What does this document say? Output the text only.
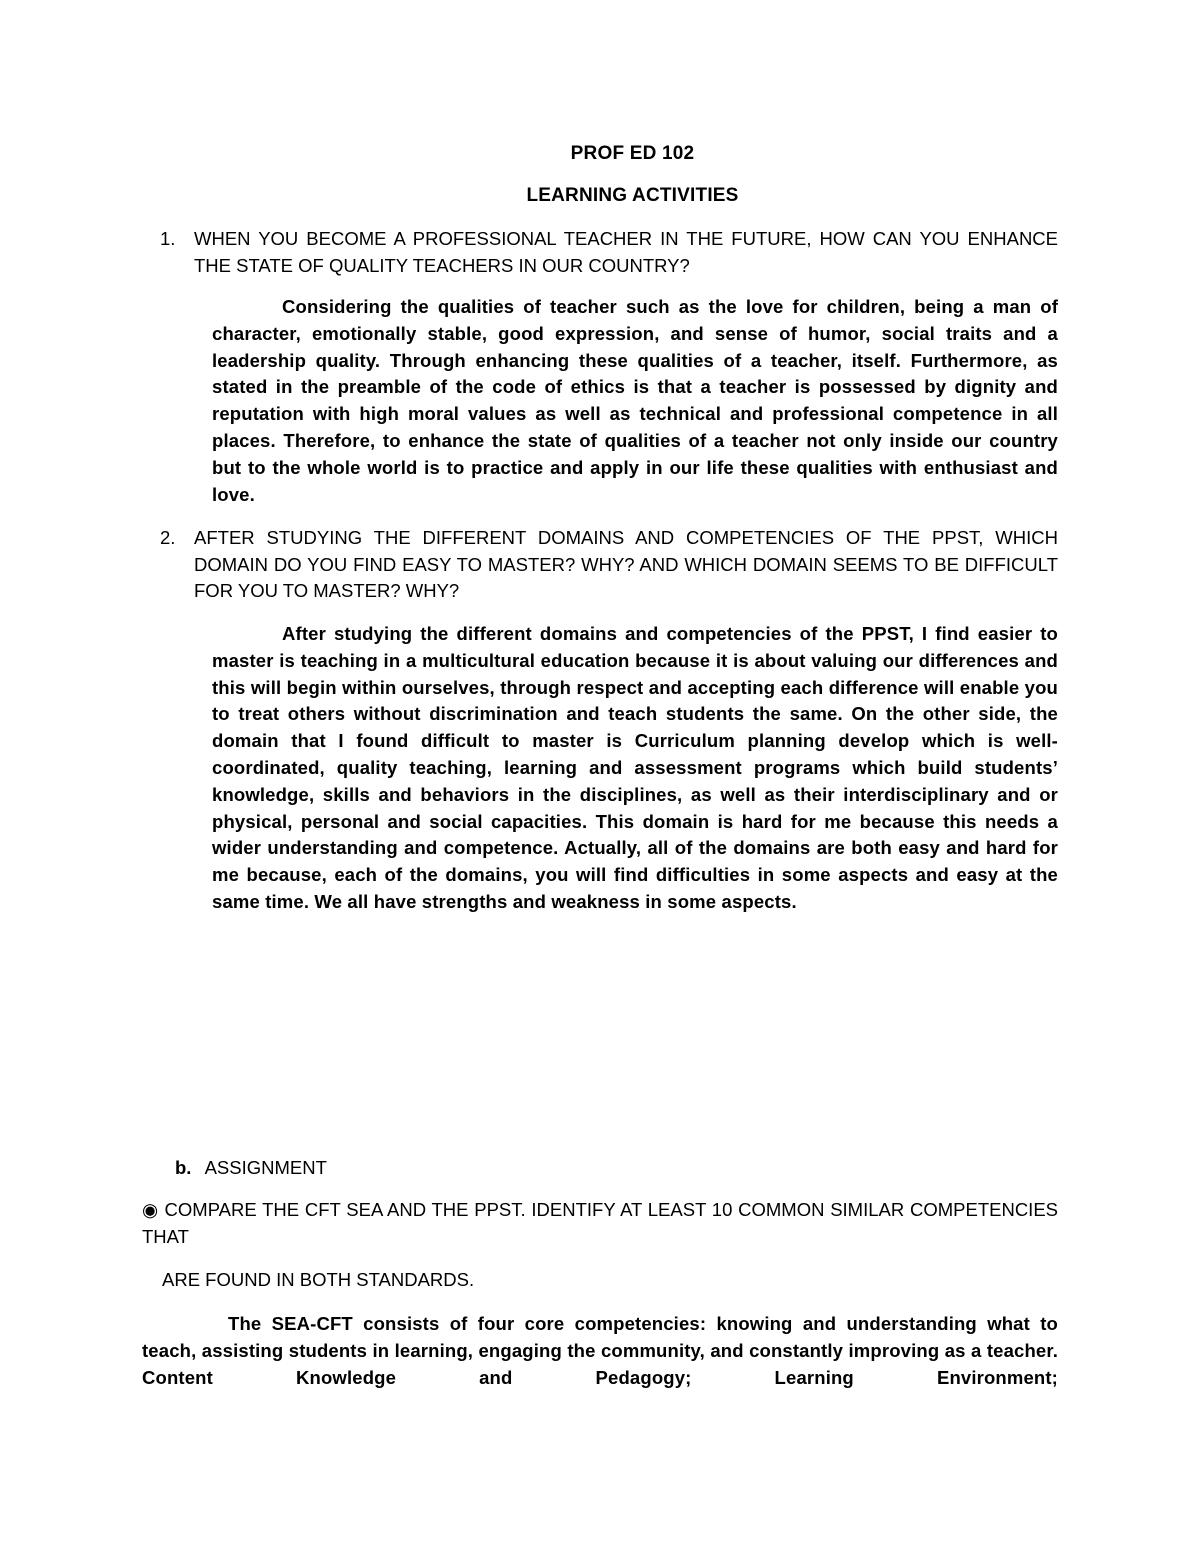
PROF ED 102
LEARNING ACTIVITIES
1. WHEN YOU BECOME A PROFESSIONAL TEACHER IN THE FUTURE, HOW CAN YOU ENHANCE THE STATE OF QUALITY TEACHERS IN OUR COUNTRY?
Considering the qualities of teacher such as the love for children, being a man of character, emotionally stable, good expression, and sense of humor, social traits and a leadership quality. Through enhancing these qualities of a teacher, itself. Furthermore, as stated in the preamble of the code of ethics is that a teacher is possessed by dignity and reputation with high moral values as well as technical and professional competence in all places. Therefore, to enhance the state of qualities of a teacher not only inside our country but to the whole world is to practice and apply in our life these qualities with enthusiast and love.
2. AFTER STUDYING THE DIFFERENT DOMAINS AND COMPETENCIES OF THE PPST, WHICH DOMAIN DO YOU FIND EASY TO MASTER? WHY? AND WHICH DOMAIN SEEMS TO BE DIFFICULT FOR YOU TO MASTER? WHY?
After studying the different domains and competencies of the PPST, I find easier to master is teaching in a multicultural education because it is about valuing our differences and this will begin within ourselves, through respect and accepting each difference will enable you to treat others without discrimination and teach students the same. On the other side, the domain that I found difficult to master is Curriculum planning develop which is well-coordinated, quality teaching, learning and assessment programs which build students’ knowledge, skills and behaviors in the disciplines, as well as their interdisciplinary and or physical, personal and social capacities. This domain is hard for me because this needs a wider understanding and competence. Actually, all of the domains are both easy and hard for me because, each of the domains, you will find difficulties in some aspects and easy at the same time. We all have strengths and weakness in some aspects.
b. ASSIGNMENT
◉ COMPARE THE CFT SEA AND THE PPST. IDENTIFY AT LEAST 10 COMMON SIMILAR COMPETENCIES THAT
ARE FOUND IN BOTH STANDARDS.
The SEA-CFT consists of four core competencies: knowing and understanding what to teach, assisting students in learning, engaging the community, and constantly improving as a teacher. Content Knowledge and Pedagogy; Learning Environment;
